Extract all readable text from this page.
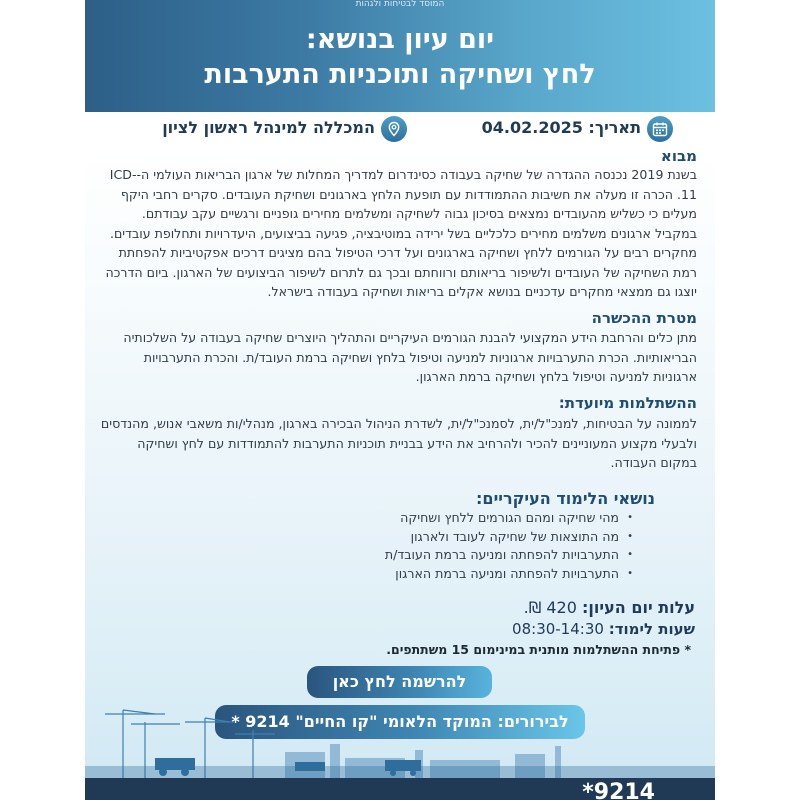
המוסד לבטיחות ולגהות
יום עיון בנושא:
לחץ ושחיקה ותוכניות התערבות
תאריך: 04.02.2025
המכללה למינהל ראשון לציון
מבוא
בשנת 2019 נכנסה ההגדרה של שחיקה בעבודה כסינדרום למדריך המחלות של ארגון הבריאות העולמי ה-ICD-11. הכרה זו מעלה את חשיבות ההתמודדות עם תופעת הלחץ בארגונים ושחיקת העובדים. סקרים רחבי היקף מעלים כי כשליש מהעובדים נמצאים בסיכון גבוה לשחיקה ומשלמים מחירים גופניים ורגשיים עקב עבודתם. במקביל ארגונים משלמים מחירים כלכליים בשל ירידה במוטיבציה, פגיעה בביצועים, היעדרויות ותחלופת עובדים. מחקרים רבים על הגורמים ללחץ ושחיקה בארגונים ועל דרכי הטיפול בהם מציגים דרכים אפקטיביות להפחתת רמת השחיקה של העובדים ולשיפור בריאותם ורווחתם ובכך גם לתרום לשיפור הביצועים של הארגון. ביום הדרכה יוצגו גם ממצאי מחקרים עדכניים בנושא אקלים בריאות ושחיקה בעבודה בישראל.
מטרת ההכשרה
מתן כלים והרחבת הידע המקצועי להבנת הגורמים העיקריים והתהליך היוצרים שחיקה בעבודה על השלכותיה הבריאותיות. הכרת התערבויות ארגוניות למניעה וטיפול בלחץ ושחיקה ברמת העובד/ת. והכרת התערבויות ארגוניות למניעה וטיפול בלחץ ושחיקה ברמת הארגון.
ההשתלמות מיועדת:
לממונה על הבטיחות, למנכ"ל/ית, לסמנכ"ל/ית, לשדרת הניהול הבכירה בארגון, מנהלי/ות משאבי אנוש, מהנדסים ולבעלי מקצוע המעוניינים להכיר ולהרחיב את הידע בבניית תוכניות התערבות להתמודדות עם לחץ ושחיקה במקום העבודה.
נושאי הלימוד העיקריים:
•
מהי שחיקה ומהם הגורמים ללחץ ושחיקה
•
מה התוצאות של שחיקה לעובד ולארגון
•
התערבויות להפחתה ומניעה ברמת העובד/ת
•
התערבויות להפחתה ומניעה ברמת הארגון
עלות יום העיון: 420 ₪.
שעות לימוד: 08:30-14:30
* פתיחת ההשתלמות מותנית במינימום 15 משתתפים.
להרשמה לחץ כאן
לבירורים: המוקד הלאומי "קו החיים" 9214 *
*9214
